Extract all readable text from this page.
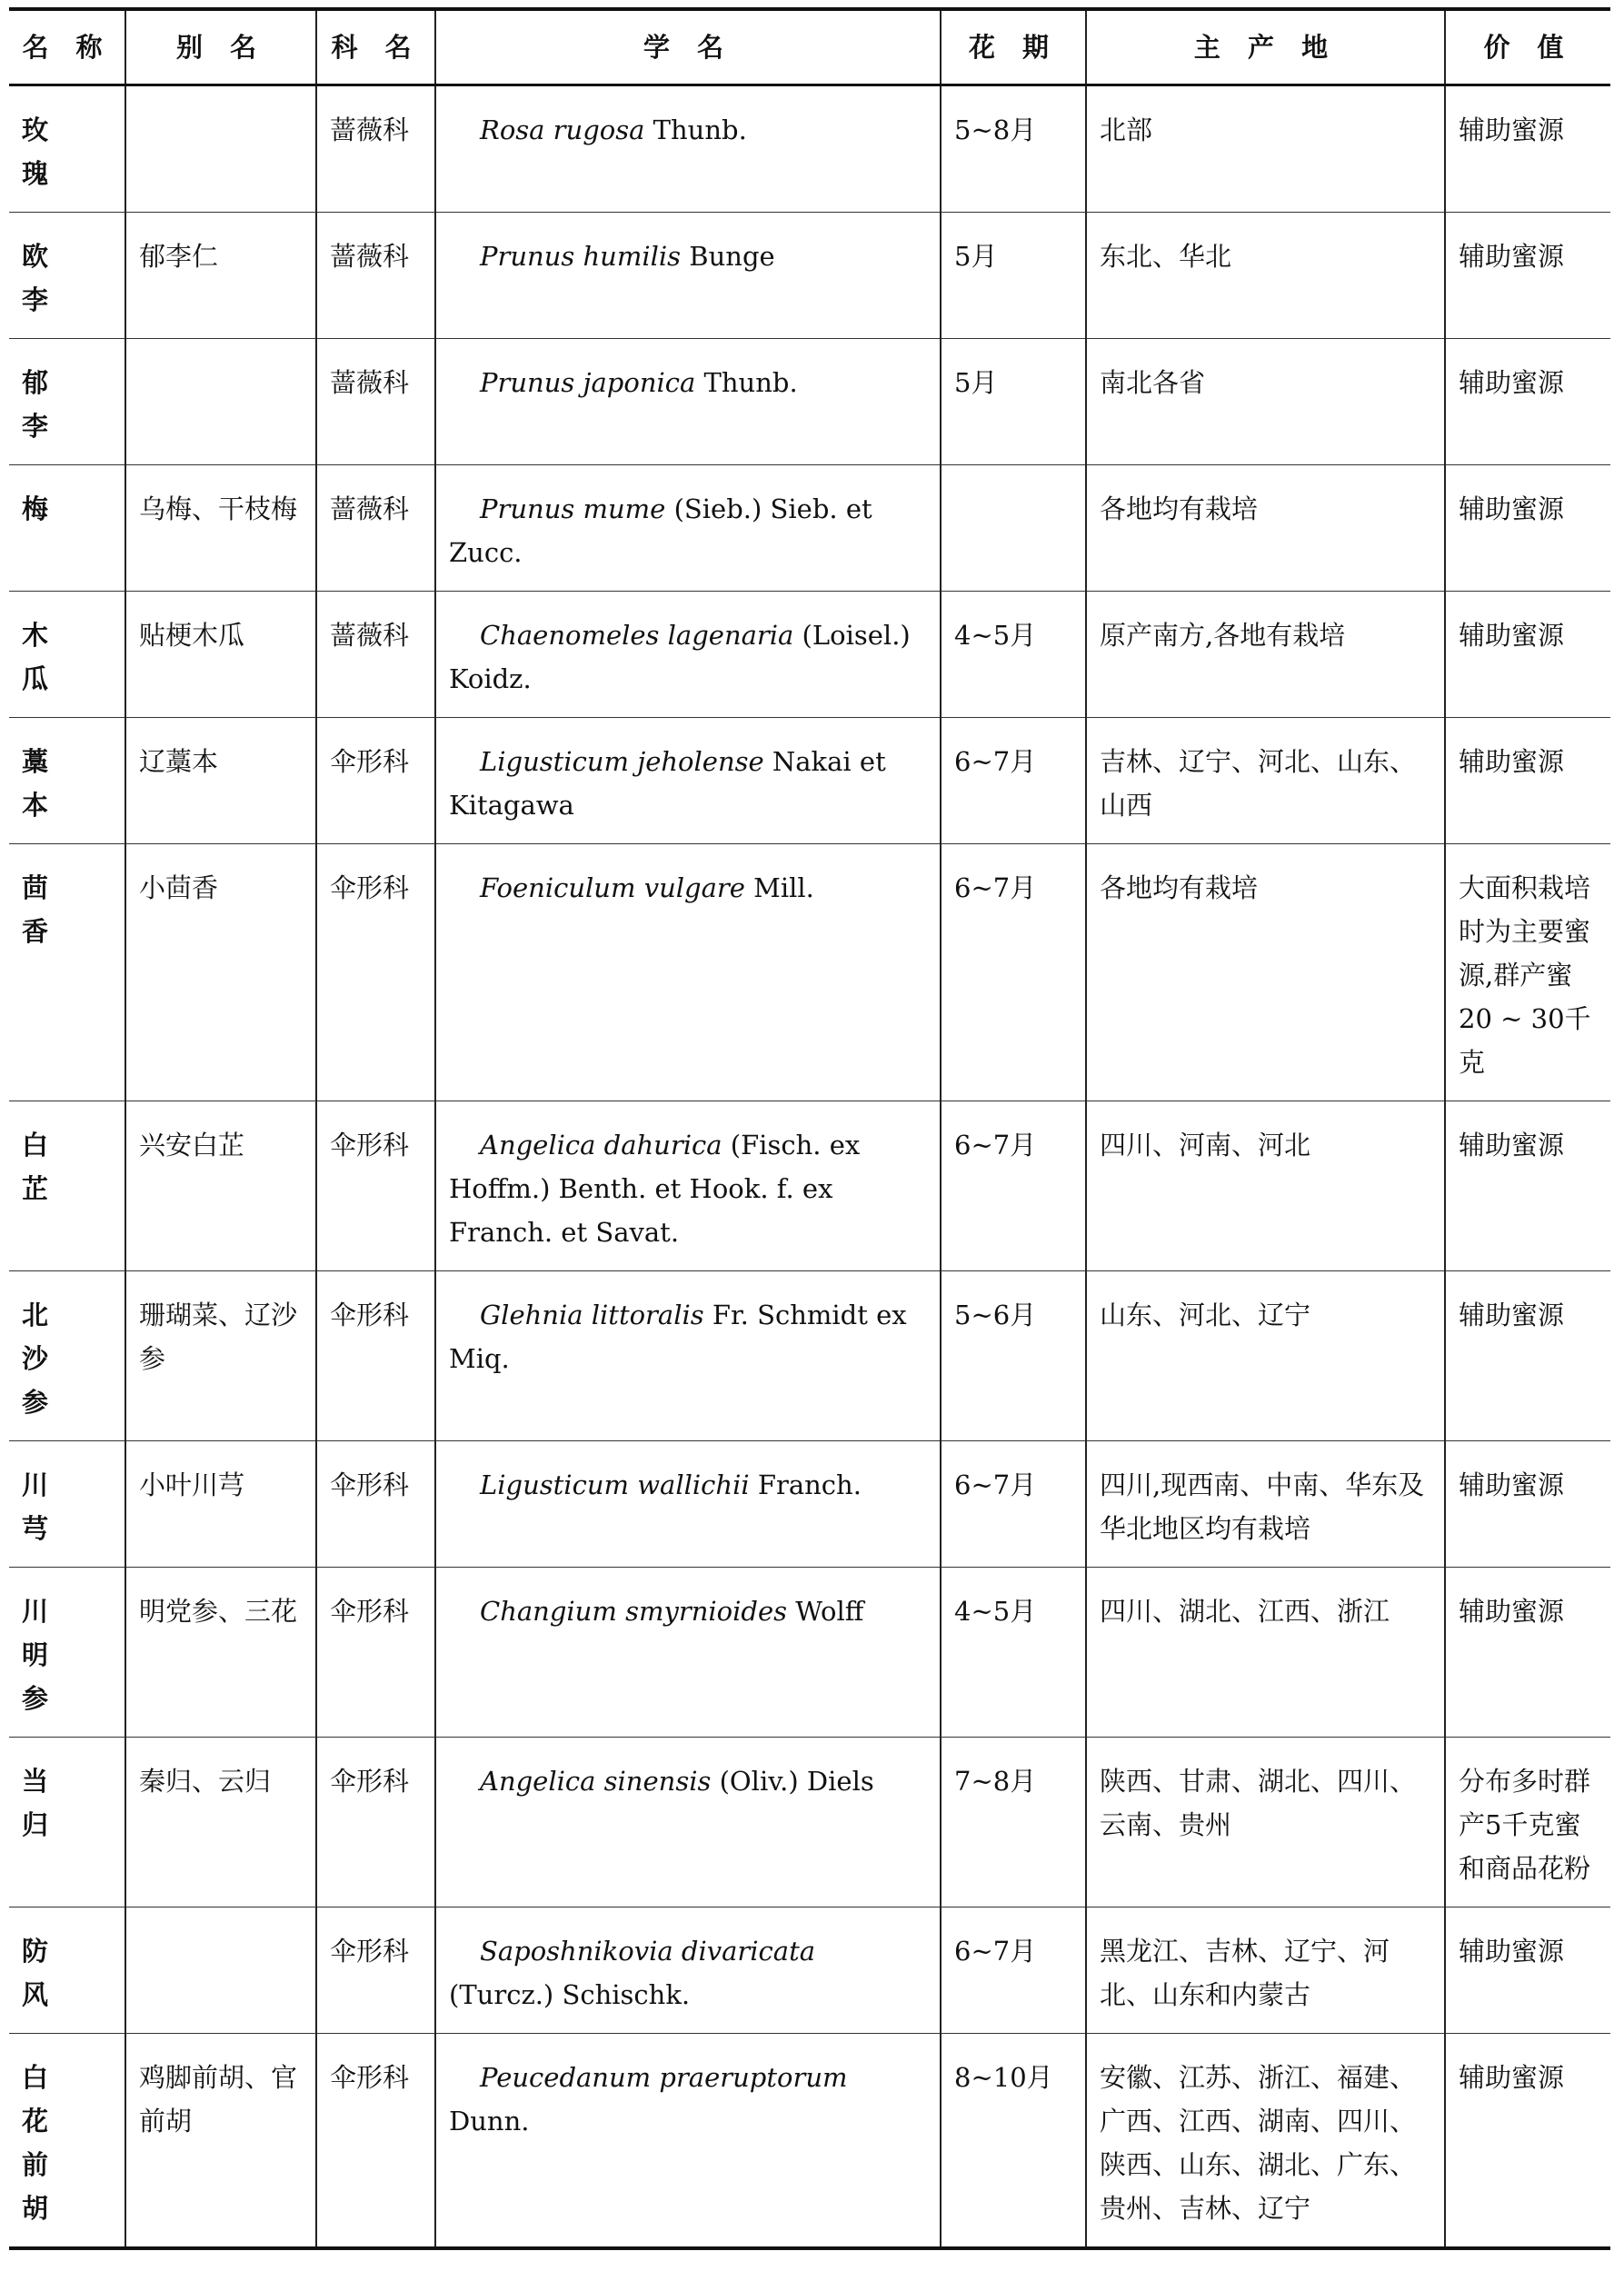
名 称	别 名	科 名	学 名	花 期	主 产 地	价 值
玫 瑰		蔷薇科	Rosa rugosa Thunb.	5~8月	北部	辅助蜜源
欧 李	郁李仁	蔷薇科	Prunus humilis Bunge	5月	东北、华北	辅助蜜源
郁 李		蔷薇科	Prunus japonica Thunb.	5月	南北各省	辅助蜜源
梅	乌梅、干枝梅	蔷薇科	Prunus mume (Sieb.) Sieb. et Zucc.		各地均有栽培	辅助蜜源
木 瓜	贴梗木瓜	蔷薇科	Chaenomeles lagenaria (Loisel.) Koidz.	4~5月	原产南方,各地有栽培	辅助蜜源
藁 本	辽藁本	伞形科	Ligusticum jeholense Nakai et Kitagawa	6~7月	吉林、辽宁、河北、山东、山西	辅助蜜源
茴 香	小茴香	伞形科	Foeniculum vulgare Mill.	6~7月	各地均有栽培	大面积栽培时为主要蜜源,群产蜜20 ~ 30千克
白 芷	兴安白芷	伞形科	Angelica dahurica (Fisch. ex Hoffm.) Benth. et Hook. f. ex Franch. et Savat.	6~7月	四川、河南、河北	辅助蜜源
北沙参	珊瑚菜、辽沙参	伞形科	Glehnia littoralis Fr. Schmidt ex Miq.	5~6月	山东、河北、辽宁	辅助蜜源
川 芎	小叶川芎	伞形科	Ligusticum wallichii Franch.	6~7月	四川,现西南、中南、华东及华北地区均有栽培	辅助蜜源
川明参	明党参、三花	伞形科	Changium smyrnioides Wolff	4~5月	四川、湖北、江西、浙江	辅助蜜源
当 归	秦归、云归	伞形科	Angelica sinensis (Oliv.) Diels	7~8月	陕西、甘肃、湖北、四川、云南、贵州	分布多时群产5千克蜜和商品花粉
防 风		伞形科	Saposhnikovia divaricata (Turcz.) Schischk.	6~7月	黑龙江、吉林、辽宁、河北、山东和内蒙古	辅助蜜源
白 花 前 胡	鸡脚前胡、官前胡	伞形科	Peucedanum praeruptorum Dunn.	8~10月	安徽、江苏、浙江、福建、广西、江西、湖南、四川、陕西、山东、湖北、广东、贵州、吉林、辽宁	辅助蜜源
